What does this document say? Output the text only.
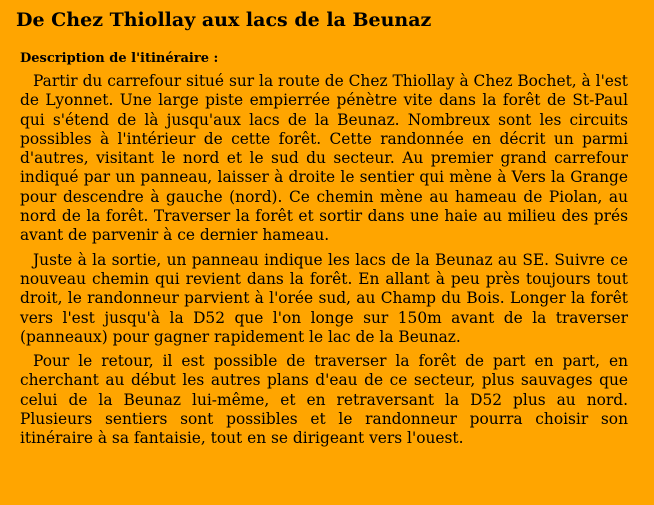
De Chez Thiollay aux lacs de la Beunaz
Description de l'itinéraire :

Partir du carrefour situé sur la route de Chez Thiollay à Chez Bochet, à l'est de Lyonnet. Une large piste empierrée pénètre vite dans la forêt de St-Paul qui s'étend de là jusqu'aux lacs de la Beunaz. Nombreux sont les circuits possibles à l'intérieur de cette forêt. Cette randonnée en décrit un parmi d'autres, visitant le nord et le sud du secteur. Au premier grand carrefour indiqué par un panneau, laisser à droite le sentier qui mène à Vers la Grange pour descendre à gauche (nord). Ce chemin mène au hameau de Piolan, au nord de la forêt. Traverser la forêt et sortir dans une haie au milieu des prés avant de parvenir à ce dernier hameau.

Juste à la sortie, un panneau indique les lacs de la Beunaz au SE. Suivre ce nouveau chemin qui revient dans la forêt. En allant à peu près toujours tout droit, le randonneur parvient à l'orée sud, au Champ du Bois. Longer la forêt vers l'est jusqu'à la D52 que l'on longe sur 150m avant de la traverser (panneaux) pour gagner rapidement le lac de la Beunaz.

Pour le retour, il est possible de traverser la forêt de part en part, en cherchant au début les autres plans d'eau de ce secteur, plus sauvages que celui de la Beunaz lui-même, et en retraversant la D52 plus au nord. Plusieurs sentiers sont possibles et le randonneur pourra choisir son itinéraire à sa fantaisie, tout en se dirigeant vers l'ouest.
